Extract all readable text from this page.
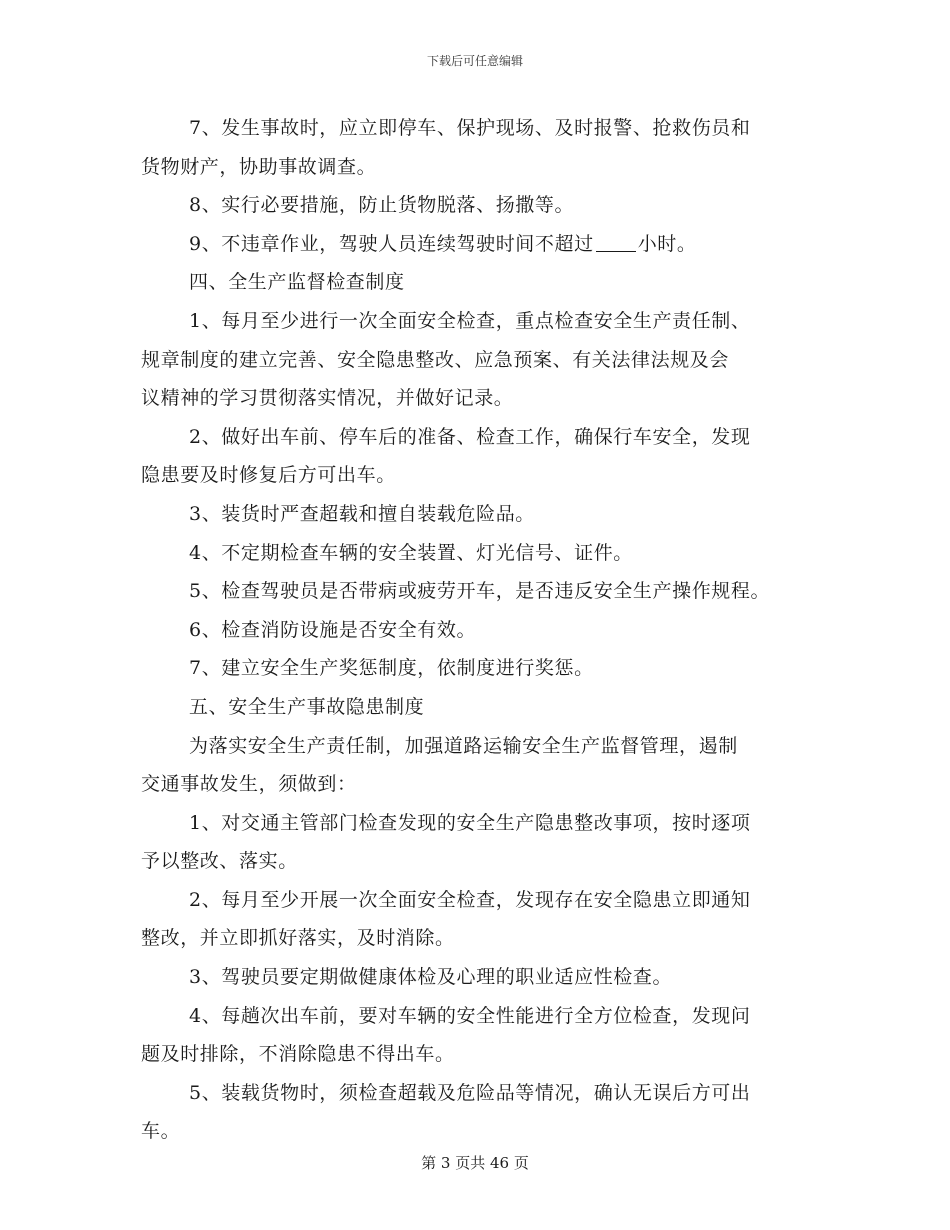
下载后可任意编辑
7、发生事故时，应立即停车、保护现场、及时报警、抢救伤员和
货物财产，协助事故调查。
8、实行必要措施，防止货物脱落、扬撒等。
9、不违章作业，驾驶人员连续驾驶时间不超过 小时。
四、全生产监督检查制度
1、每月至少进行一次全面安全检查，重点检查安全生产责任制、
规章制度的建立完善、安全隐患整改、应急预案、有关法律法规及会
议精神的学习贯彻落实情况，并做好记录。
2、做好出车前、停车后的准备、检查工作，确保行车安全，发现
隐患要及时修复后方可出车。
3、装货时严查超载和擅自装载危险品。
4、不定期检查车辆的安全装置、灯光信号、证件。
5、检查驾驶员是否带病或疲劳开车，是否违反安全生产操作规程。
6、检查消防设施是否安全有效。
7、建立安全生产奖惩制度，依制度进行奖惩。
五、安全生产事故隐患制度
为落实安全生产责任制，加强道路运输安全生产监督管理，遏制
交通事故发生，须做到：
1、对交通主管部门检查发现的安全生产隐患整改事项，按时逐项
予以整改、落实。
2、每月至少开展一次全面安全检查，发现存在安全隐患立即通知
整改，并立即抓好落实，及时消除。
3、驾驶员要定期做健康体检及心理的职业适应性检查。
4、每趟次出车前，要对车辆的安全性能进行全方位检查，发现问
题及时排除，不消除隐患不得出车。
5、装载货物时，须检查超载及危险品等情况，确认无误后方可出
车。
第 3 页共 46 页
